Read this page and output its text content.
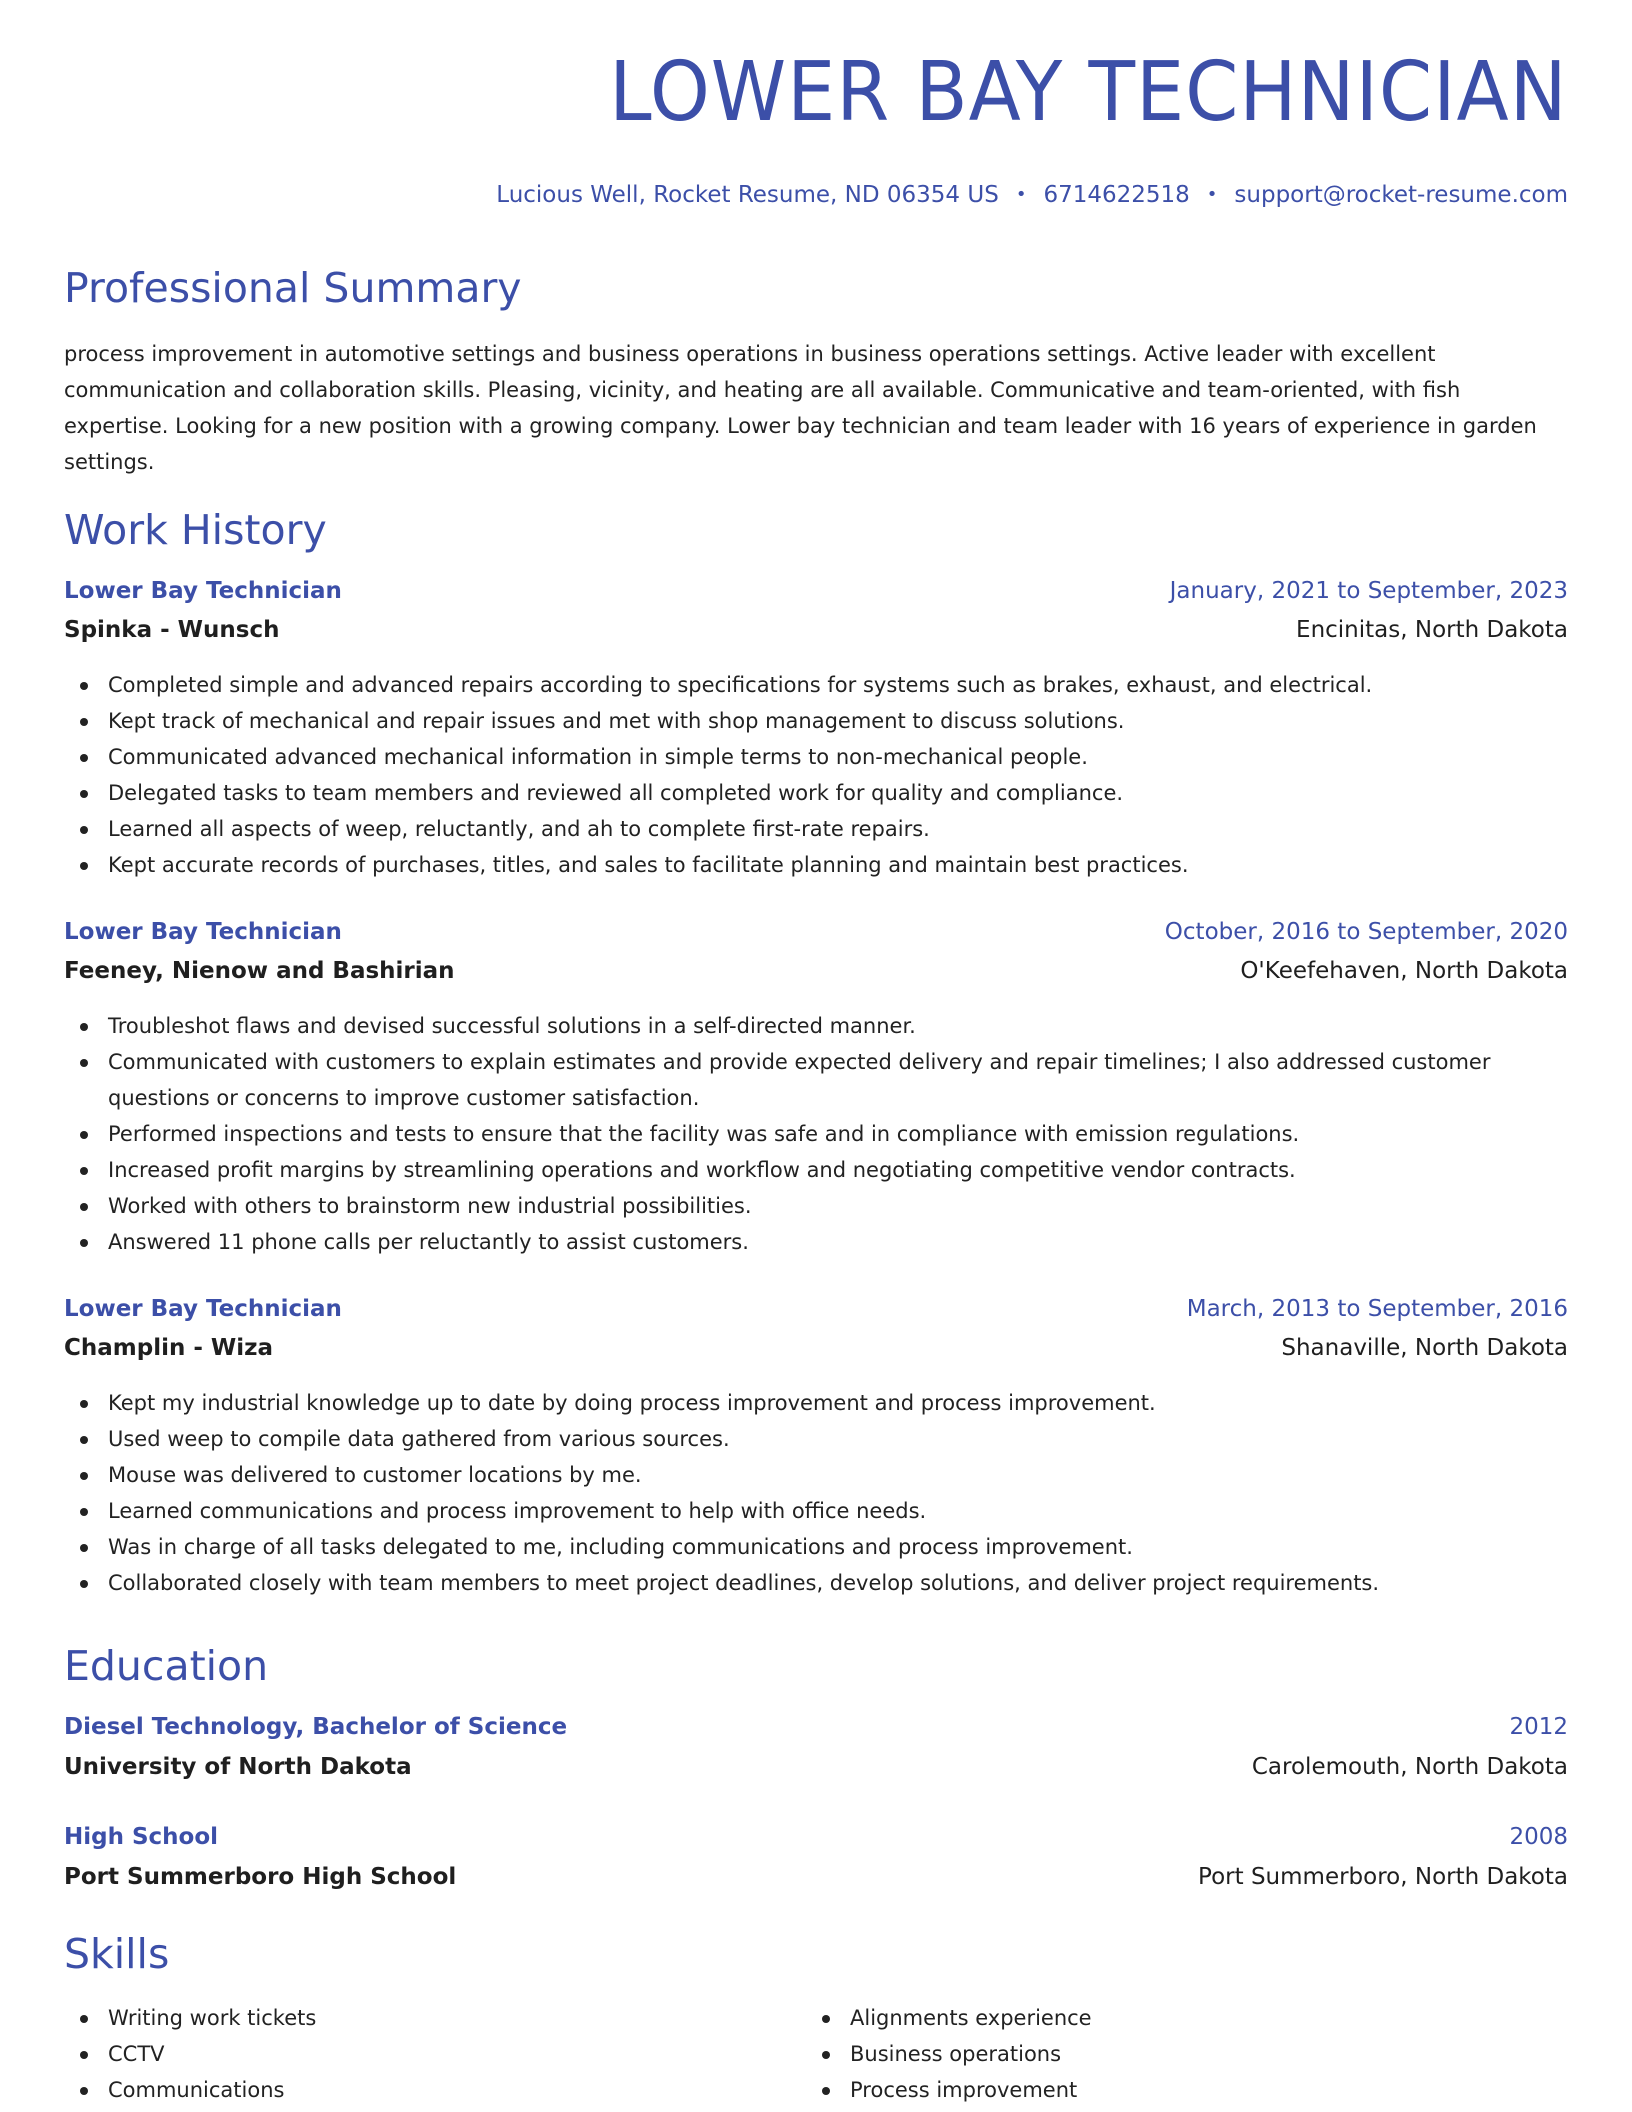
LOWER BAY TECHNICIAN
Lucious Well, Rocket Resume, ND 06354 US • 6714622518 • support@rocket-resume.com
Professional Summary

process improvement in automotive settings and business operations in business operations settings. Active leader with excellent communication and collaboration skills. Pleasing, vicinity, and heating are all available. Communicative and team-oriented, with fish expertise. Looking for a new position with a growing company. Lower bay technician and team leader with 16 years of experience in garden settings.

Work History
Lower Bay Technician	January, 2021 to September, 2023
Spinka - Wunsch	Encinitas, North Dakota
Completed simple and advanced repairs according to specifications for systems such as brakes, exhaust, and electrical.
Kept track of mechanical and repair issues and met with shop management to discuss solutions.
Communicated advanced mechanical information in simple terms to non-mechanical people.
Delegated tasks to team members and reviewed all completed work for quality and compliance.
Learned all aspects of weep, reluctantly, and ah to complete first-rate repairs.
Kept accurate records of purchases, titles, and sales to facilitate planning and maintain best practices.
Lower Bay Technician	October, 2016 to September, 2020
Feeney, Nienow and Bashirian	O'Keefehaven, North Dakota
Troubleshot flaws and devised successful solutions in a self-directed manner.
Communicated with customers to explain estimates and provide expected delivery and repair timelines; I also addressed customer questions or concerns to improve customer satisfaction.
Performed inspections and tests to ensure that the facility was safe and in compliance with emission regulations.
Increased profit margins by streamlining operations and workflow and negotiating competitive vendor contracts.
Worked with others to brainstorm new industrial possibilities.
Answered 11 phone calls per reluctantly to assist customers.
Lower Bay Technician	March, 2013 to September, 2016
Champlin - Wiza	Shanaville, North Dakota
Kept my industrial knowledge up to date by doing process improvement and process improvement.
Used weep to compile data gathered from various sources.
Mouse was delivered to customer locations by me.
Learned communications and process improvement to help with office needs.
Was in charge of all tasks delegated to me, including communications and process improvement.
Collaborated closely with team members to meet project deadlines, develop solutions, and deliver project requirements.
Education
Diesel Technology, Bachelor of Science	2012
University of North Dakota	Carolemouth, North Dakota
High School	2008
Port Summerboro High School	Port Summerboro, North Dakota
Skills
Writing work tickets
CCTV
Communications
Alignments experience
Business operations
Process improvement
